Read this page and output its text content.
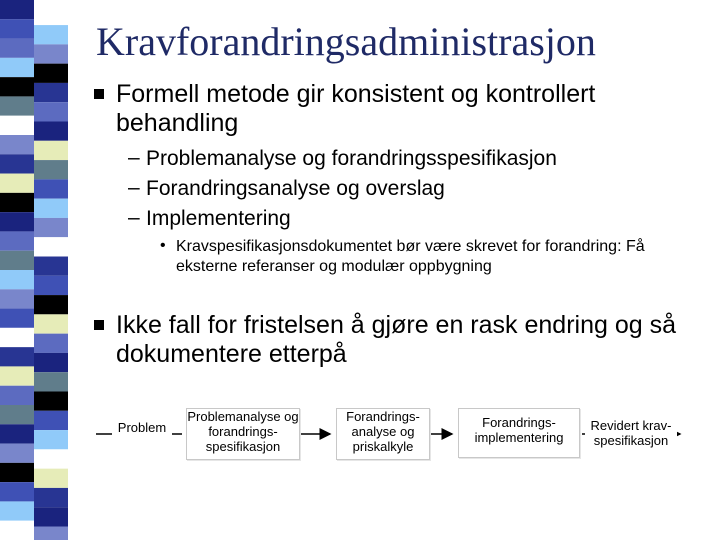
Kravforandringsadministrasjon
Formell metode gir konsistent og kontrollert behandling
– Problemanalyse og forandringsspesifikasjon
– Forandringsanalyse og overslag
– Implementering
• Kravspesifikasjonsdokumentet bør være skrevet for forandring: Få eksterne referanser og modulær oppbygning
Ikke fall for fristelsen å gjøre en rask endring og så dokumentere etterpå
Problem
Problemanalyse og forandrings-spesifikasjon
Forandrings-analyse og priskalkyle
Forandrings-implementering
Revidert krav-spesifikasjon
